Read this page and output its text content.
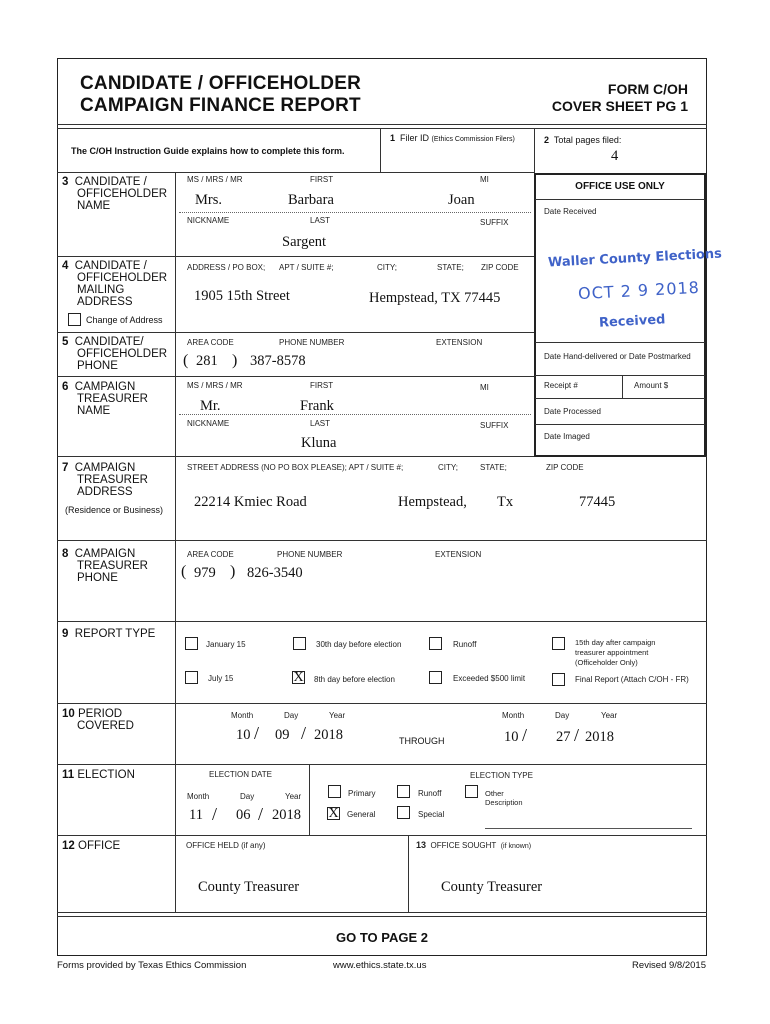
CANDIDATE / OFFICEHOLDER
CAMPAIGN FINANCE REPORT
FORM C/OH
COVER SHEET PG 1
The C/OH Instruction Guide explains how to complete this form.
1 Filer ID (Ethics Commission Filers)	2 Total pages filed:
4
OFFICE USE ONLY
Date Received
Waller County Elections
OCT 2 9 2018
Received
Date Hand-delivered or Date Postmarked
Receipt #	Amount $
Date Processed
Date Imaged
3 CANDIDATE /
OFFICEHOLDER
NAME
MS / MRS / MR	FIRST	MI
Mrs.	Barbara	Joan
NICKNAME	LAST	SUFFIX
Sargent
4 CANDIDATE /
OFFICEHOLDER
MAILING
ADDRESS
Change of Address
ADDRESS / PO BOX; APT / SUITE #;	CITY;	STATE; ZIP CODE
1905 15th Street	Hempstead, TX 77445
5 CANDIDATE/
OFFICEHOLDER
PHONE
AREA CODE	PHONE NUMBER	EXTENSION
( 281 ) 387-8578
6 CAMPAIGN
TREASURER
NAME
MS / MRS / MR	FIRST	MI
Mr.	Frank
NICKNAME	LAST	SUFFIX
Kluna
7 CAMPAIGN
TREASURER
ADDRESS
(Residence or Business)
STREET ADDRESS (NO PO BOX PLEASE); APT / SUITE #;	CITY;	STATE;	ZIP CODE
22214 Kmiec Road	Hempstead, Tx	77445
8 CAMPAIGN
TREASURER
PHONE
AREA CODE	PHONE NUMBER	EXTENSION
( 979 ) 826-3540
9 REPORT TYPE
January 15	30th day before election	Runoff	15th day after campaign
treasurer appointment
(Officeholder Only)
July 15	X 8th day before election	Exceeded $500 limit	Final Report (Attach C/OH - FR)
10 PERIOD
COVERED
Month	Day	Year
10 / 09 / 2018	THROUGH
Month	Day	Year
10 / 27 / 2018
11 ELECTION	ELECTION DATE
Month	Day	Year
11 / 06 / 2018
ELECTION TYPE
Primary	Runoff	Other
Description
X General	Special
12 OFFICE	OFFICE HELD (if any)
County Treasurer
13 OFFICE SOUGHT (if known)
County Treasurer
GO TO PAGE 2
Forms provided by Texas Ethics Commission	www.ethics.state.tx.us	Revised 9/8/2015
